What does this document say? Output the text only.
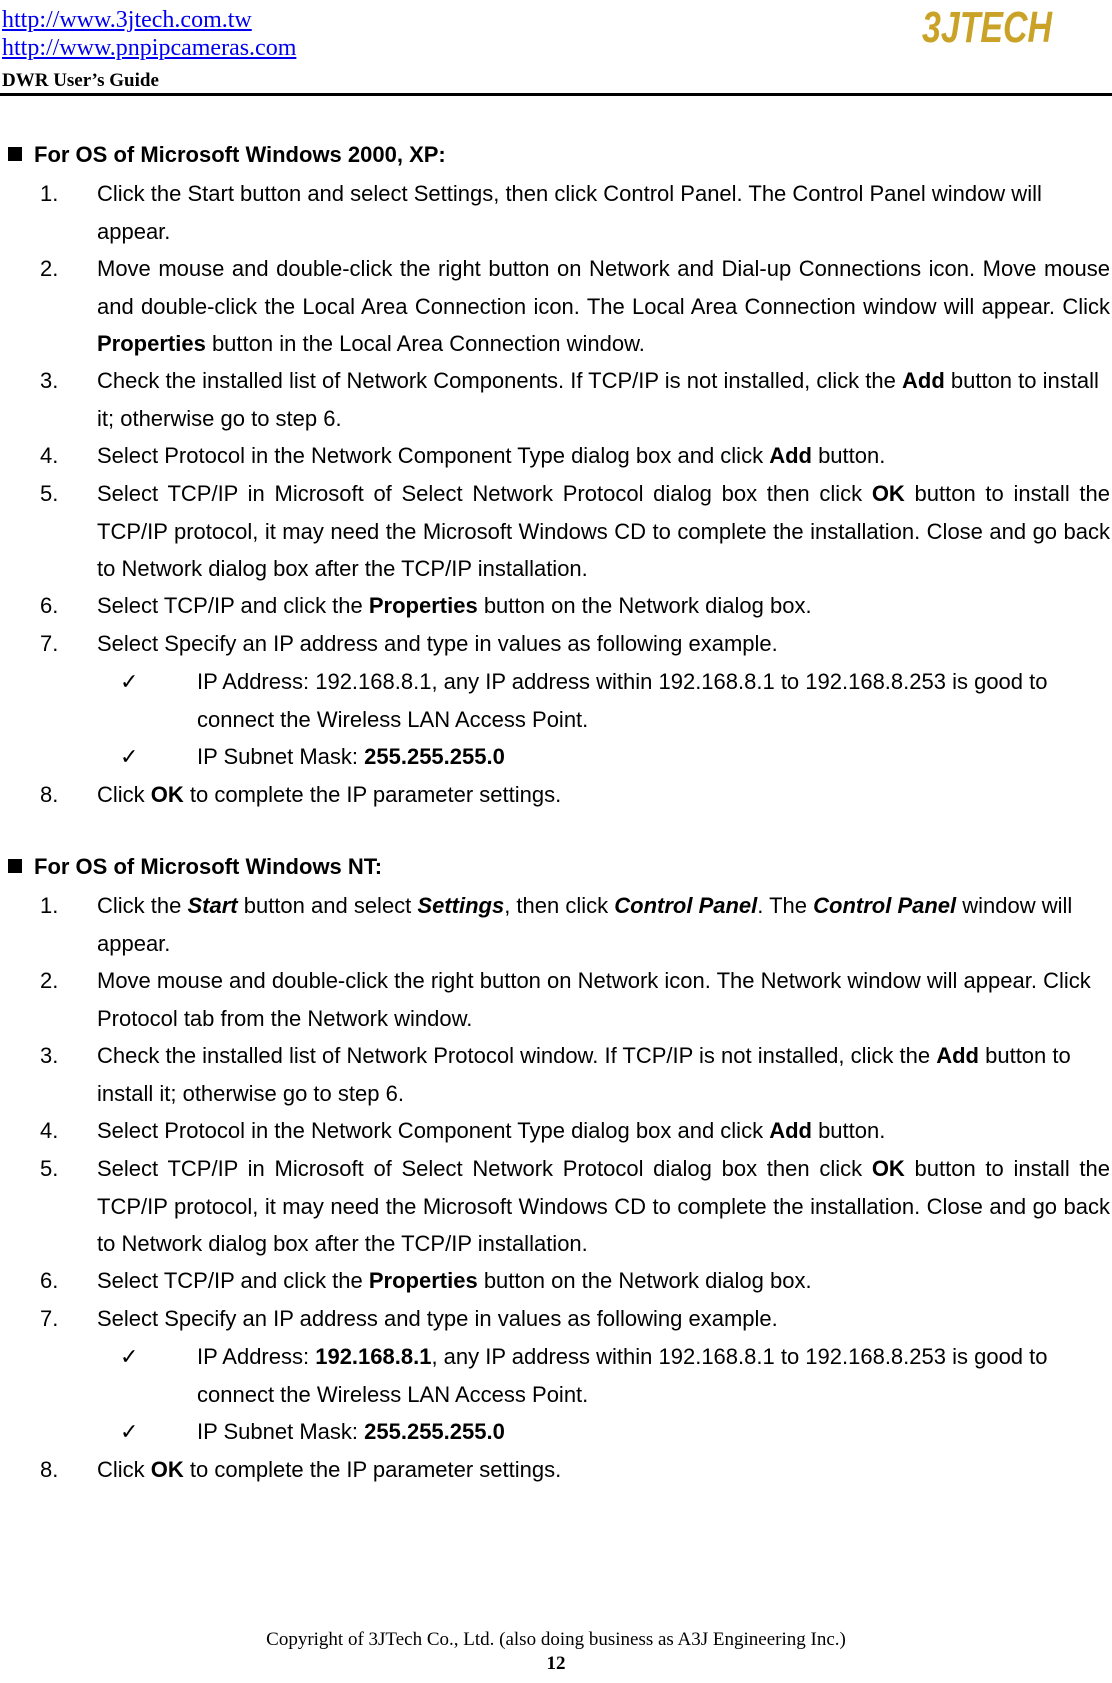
http://www.3jtech.com.tw
http://www.pnpipcameras.com
DWR User’s Guide
3JTECH
For OS of Microsoft Windows 2000, XP:
1. Click the Start button and select Settings, then click Control Panel. The Control Panel window will appear.
2. Move mouse and double-click the right button on Network and Dial-up Connections icon. Move mouse and double-click the Local Area Connection icon. The Local Area Connection window will appear. Click Properties button in the Local Area Connection window.
3. Check the installed list of Network Components. If TCP/IP is not installed, click the Add button to install it; otherwise go to step 6.
4. Select Protocol in the Network Component Type dialog box and click Add button.
5. Select TCP/IP in Microsoft of Select Network Protocol dialog box then click OK button to install the TCP/IP protocol, it may need the Microsoft Windows CD to complete the installation. Close and go back to Network dialog box after the TCP/IP installation.
6. Select TCP/IP and click the Properties button on the Network dialog box.
7. Select Specify an IP address and type in values as following example.
✓	IP Address: 192.168.8.1, any IP address within 192.168.8.1 to 192.168.8.253 is good to connect the Wireless LAN Access Point.
✓	IP Subnet Mask: 255.255.255.0
8. Click OK to complete the IP parameter settings.
For OS of Microsoft Windows NT:
1. Click the Start button and select Settings, then click Control Panel. The Control Panel window will appear.
2. Move mouse and double-click the right button on Network icon. The Network window will appear. Click Protocol tab from the Network window.
3. Check the installed list of Network Protocol window. If TCP/IP is not installed, click the Add button to install it; otherwise go to step 6.
4. Select Protocol in the Network Component Type dialog box and click Add button.
5. Select TCP/IP in Microsoft of Select Network Protocol dialog box then click OK button to install the TCP/IP protocol, it may need the Microsoft Windows CD to complete the installation. Close and go back to Network dialog box after the TCP/IP installation.
6. Select TCP/IP and click the Properties button on the Network dialog box.
7. Select Specify an IP address and type in values as following example.
✓	IP Address: 192.168.8.1, any IP address within 192.168.8.1 to 192.168.8.253 is good to connect the Wireless LAN Access Point.
✓	IP Subnet Mask: 255.255.255.0
8. Click OK to complete the IP parameter settings.
Copyright of 3JTech Co., Ltd. (also doing business as A3J Engineering Inc.)
12
